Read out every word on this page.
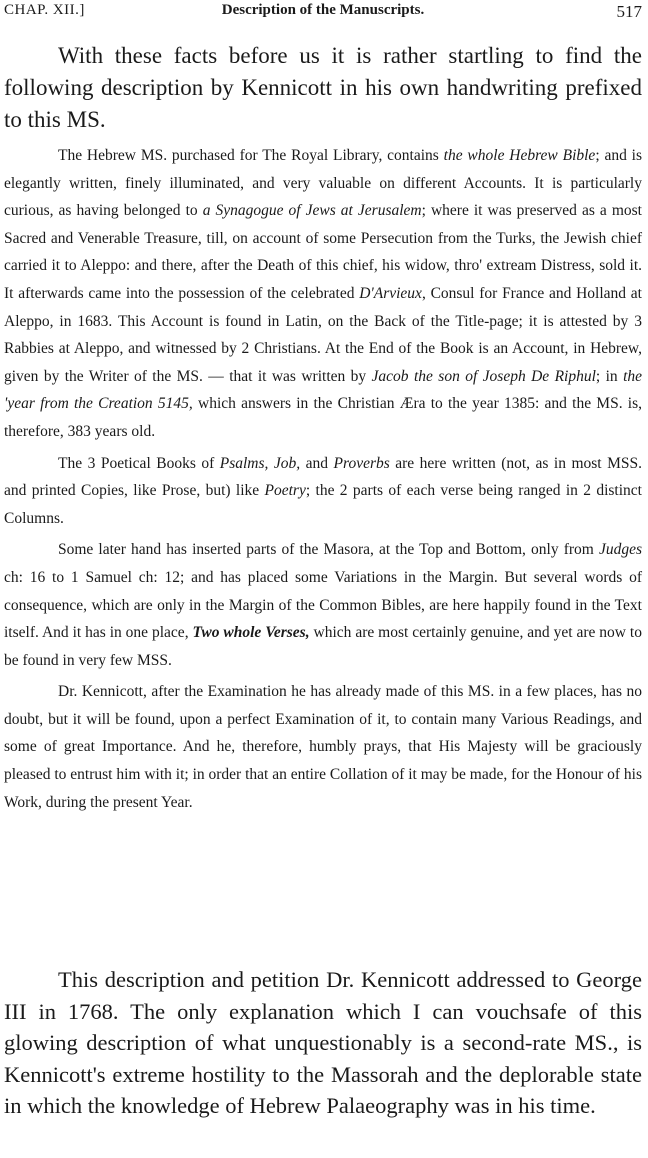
CHAP. XII.]	Description of the Manuscripts.	517

With these facts before us it is rather startling to find the following description by Kennicott in his own handwriting prefixed to this MS.

The Hebrew MS. purchased for The Royal Library, contains the whole Hebrew Bible; and is elegantly written, finely illuminated, and very valuable on different Accounts. It is particularly curious, as having belonged to a Synagogue of Jews at Jerusalem; where it was preserved as a most Sacred and Venerable Treasure, till, on account of some Persecution from the Turks, the Jewish chief carried it to Aleppo: and there, after the Death of this chief, his widow, thro' extream Distress, sold it. It afterwards came into the possession of the celebrated D'Arvieux, Consul for France and Holland at Aleppo, in 1683. This Account is found in Latin, on the Back of the Title-page; it is attested by 3 Rabbies at Aleppo, and witnessed by 2 Christians. At the End of the Book is an Account, in Hebrew, given by the Writer of the MS. — that it was written by Jacob the son of Joseph De Riphul; in the 'year from the Creation 5145, which answers in the Christian Æra to the year 1385: and the MS. is, therefore, 383 years old.

The 3 Poetical Books of Psalms, Job, and Proverbs are here written (not, as in most MSS. and printed Copies, like Prose, but) like Poetry; the 2 parts of each verse being ranged in 2 distinct Columns.

Some later hand has inserted parts of the Masora, at the Top and Bottom, only from Judges ch: 16 to 1 Samuel ch: 12; and has placed some Variations in the Margin. But several words of consequence, which are only in the Margin of the Common Bibles, are here happily found in the Text itself. And it has in one place, Two whole Verses, which are most certainly genuine, and yet are now to be found in very few MSS.

Dr. Kennicott, after the Examination he has already made of this MS. in a few places, has no doubt, but it will be found, upon a perfect Examination of it, to contain many Various Readings, and some of great Importance. And he, therefore, humbly prays, that His Majesty will be graciously pleased to entrust him with it; in order that an entire Collation of it may be made, for the Honour of his Work, during the present Year.

This description and petition Dr. Kennicott addressed to George III in 1768. The only explanation which I can vouchsafe of this glowing description of what unquestionably is a second-rate MS., is Kennicott's extreme hostility to the Massorah and the deplorable state in which the knowledge of Hebrew Palaeography was in his time.
